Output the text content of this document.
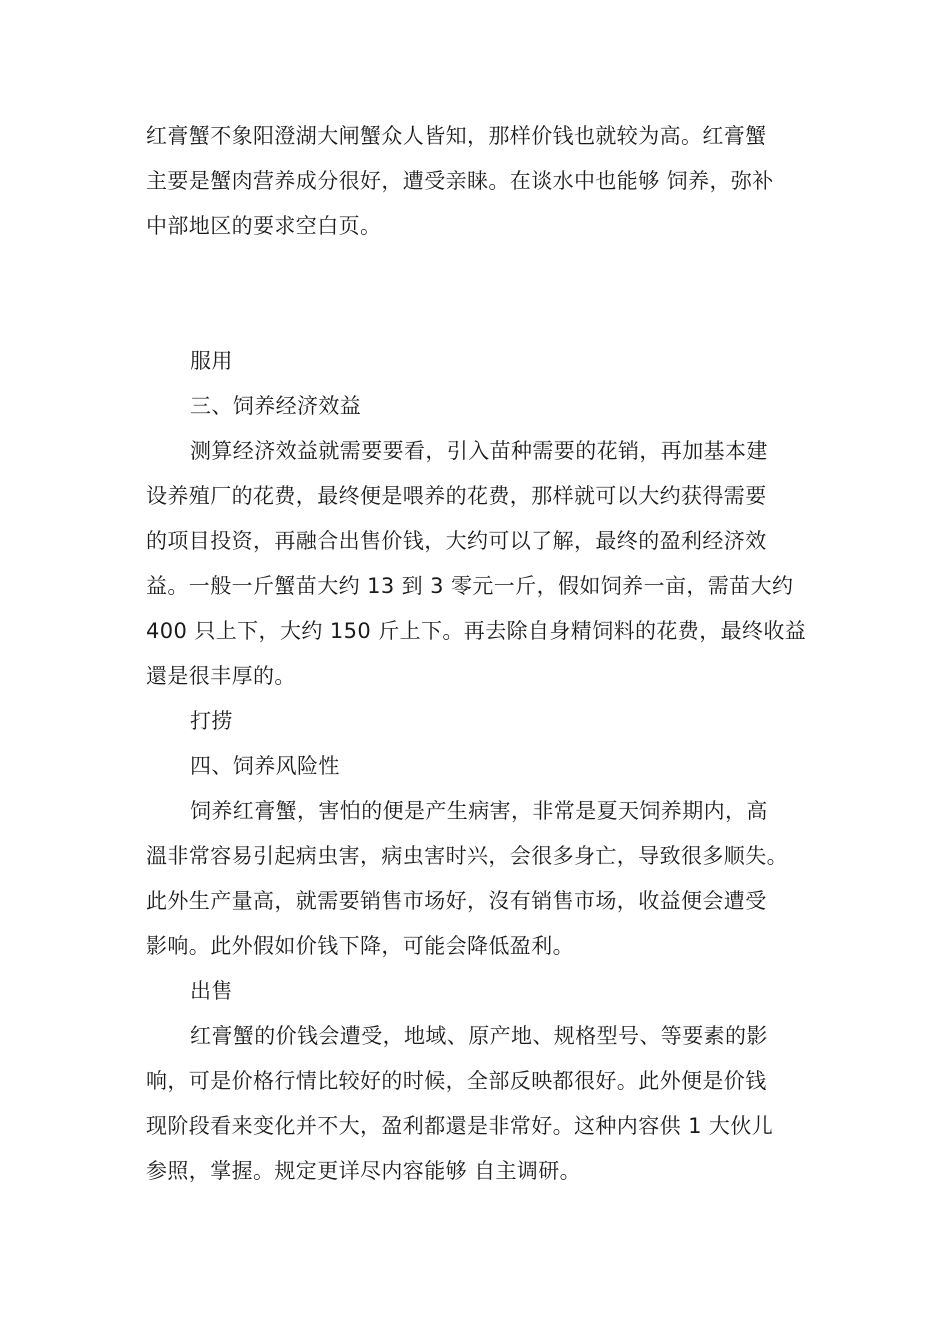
红膏蟹不象阳澄湖大闸蟹众人皆知，那样价钱也就较为高。红膏蟹
主要是蟹肉营养成分很好，遭受亲睐。在谈水中也能够 饲养，弥补
中部地区的要求空白页。
服用
三、饲养经济效益
测算经济效益就需要要看，引入苗种需要的花销，再加基本建
设养殖厂的花费，最终便是喂养的花费，那样就可以大约获得需要
的项目投资，再融合出售价钱，大约可以了解，最终的盈利经济效
益。一般一斤蟹苗大约 13 到 3 零元一斤，假如饲养一亩，需苗大约
400 只上下，大约 150 斤上下。再去除自身精饲料的花费，最终收益
還是很丰厚的。
打捞
四、饲养风险性
饲养红膏蟹，害怕的便是产生病害，非常是夏天饲养期内，高
溫非常容易引起病虫害，病虫害时兴，会很多身亡，导致很多顺失。
此外生产量高，就需要销售市场好，沒有销售市场，收益便会遭受
影响。此外假如价钱下降，可能会降低盈利。
出售
红膏蟹的价钱会遭受，地域、原产地、规格型号、等要素的影
响，可是价格行情比较好的时候，全部反映都很好。此外便是价钱
现阶段看来变化并不大，盈利都還是非常好。这种内容供 1 大伙儿
参照，掌握。规定更详尽内容能够 自主调研。
